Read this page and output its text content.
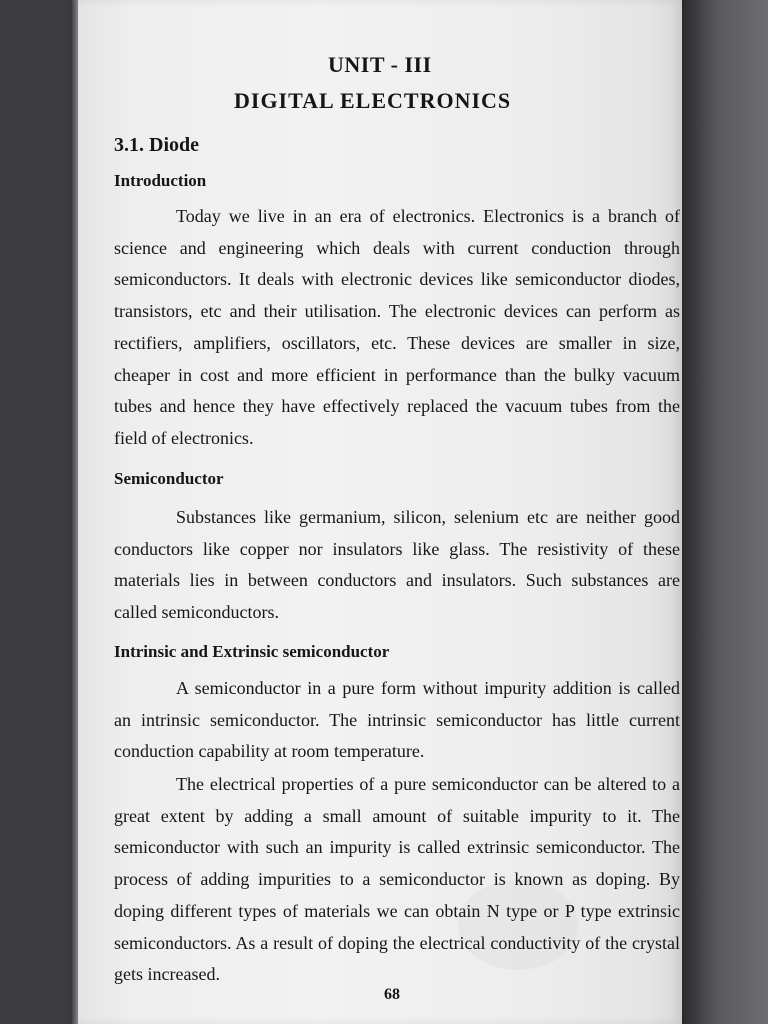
UNIT - III
DIGITAL ELECTRONICS
3.1. Diode
Introduction

Today we live in an era of electronics. Electronics is a branch of science and engineering which deals with current conduction through semiconductors. It deals with electronic devices like semiconductor diodes, transistors, etc and their utilisation. The electronic devices can perform as rectifiers, amplifiers, oscillators, etc. These devices are smaller in size, cheaper in cost and more efficient in performance than the bulky vacuum tubes and hence they have effectively replaced the vacuum tubes from the field of electronics.

Semiconductor

Substances like germanium, silicon, selenium etc are neither good conductors like copper nor insulators like glass. The resistivity of these materials lies in between conductors and insulators. Such substances are called semiconductors.

Intrinsic and Extrinsic semiconductor

A semiconductor in a pure form without impurity addition is called an intrinsic semiconductor. The intrinsic semiconductor has little current conduction capability at room temperature.

The electrical properties of a pure semiconductor can be altered to a great extent by adding a small amount of suitable impurity to it. The semiconductor with such an impurity is called extrinsic semiconductor. The process of adding impurities to a semiconductor is known as doping. By doping different types of materials we can obtain N type or P type extrinsic semiconductors. As a result of doping the electrical conductivity of the crystal gets increased.

68
